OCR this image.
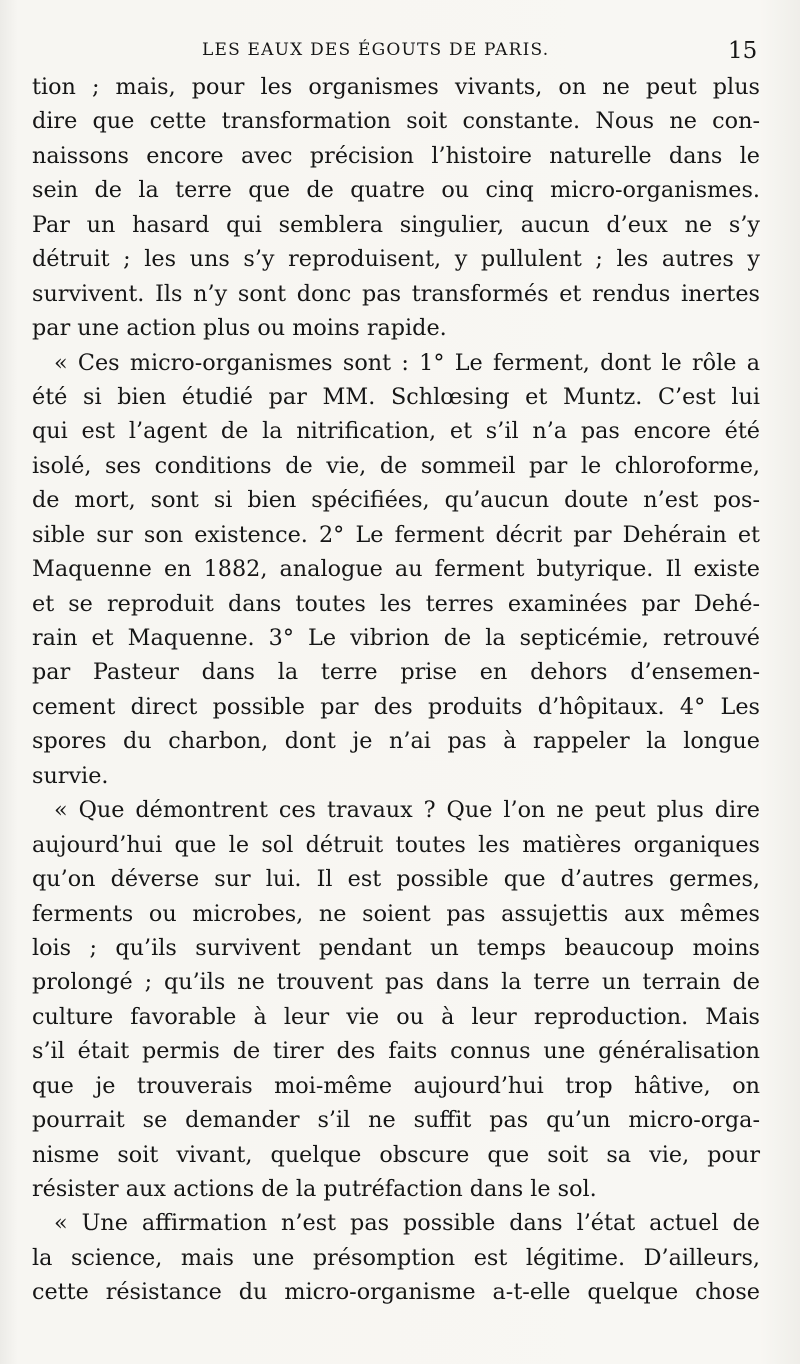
LES EAUX DES ÉGOUTS DE PARIS.	15
tion ; mais, pour les organismes vivants, on ne peut plus
dire que cette transformation soit constante. Nous ne con-
naissons encore avec précision l’histoire naturelle dans le
sein de la terre que de quatre ou cinq micro-organismes.
Par un hasard qui semblera singulier, aucun d’eux ne s’y
détruit ; les uns s’y reproduisent, y pullulent ; les autres y
survivent. Ils n’y sont donc pas transformés et rendus inertes
par une action plus ou moins rapide.
« Ces micro-organismes sont : 1° Le ferment, dont le rôle a
été si bien étudié par MM. Schlœsing et Muntz. C’est lui
qui est l’agent de la nitrification, et s’il n’a pas encore été
isolé, ses conditions de vie, de sommeil par le chloroforme,
de mort, sont si bien spécifiées, qu’aucun doute n’est pos-
sible sur son existence. 2° Le ferment décrit par Dehérain et
Maquenne en 1882, analogue au ferment butyrique. Il existe
et se reproduit dans toutes les terres examinées par Dehé-
rain et Maquenne. 3° Le vibrion de la septicémie, retrouvé
par Pasteur dans la terre prise en dehors d’ensemen-
cement direct possible par des produits d’hôpitaux. 4° Les
spores du charbon, dont je n’ai pas à rappeler la longue
survie.
« Que démontrent ces travaux ? Que l’on ne peut plus dire
aujourd’hui que le sol détruit toutes les matières organiques
qu’on déverse sur lui. Il est possible que d’autres germes,
ferments ou microbes, ne soient pas assujettis aux mêmes
lois ; qu’ils survivent pendant un temps beaucoup moins
prolongé ; qu’ils ne trouvent pas dans la terre un terrain de
culture favorable à leur vie ou à leur reproduction. Mais
s’il était permis de tirer des faits connus une généralisation
que je trouverais moi-même aujourd’hui trop hâtive, on
pourrait se demander s’il ne suffit pas qu’un micro-orga-
nisme soit vivant, quelque obscure que soit sa vie, pour
résister aux actions de la putréfaction dans le sol.
« Une affirmation n’est pas possible dans l’état actuel de
la science, mais une présomption est légitime. D’ailleurs,
cette résistance du micro-organisme a-t-elle quelque chose
